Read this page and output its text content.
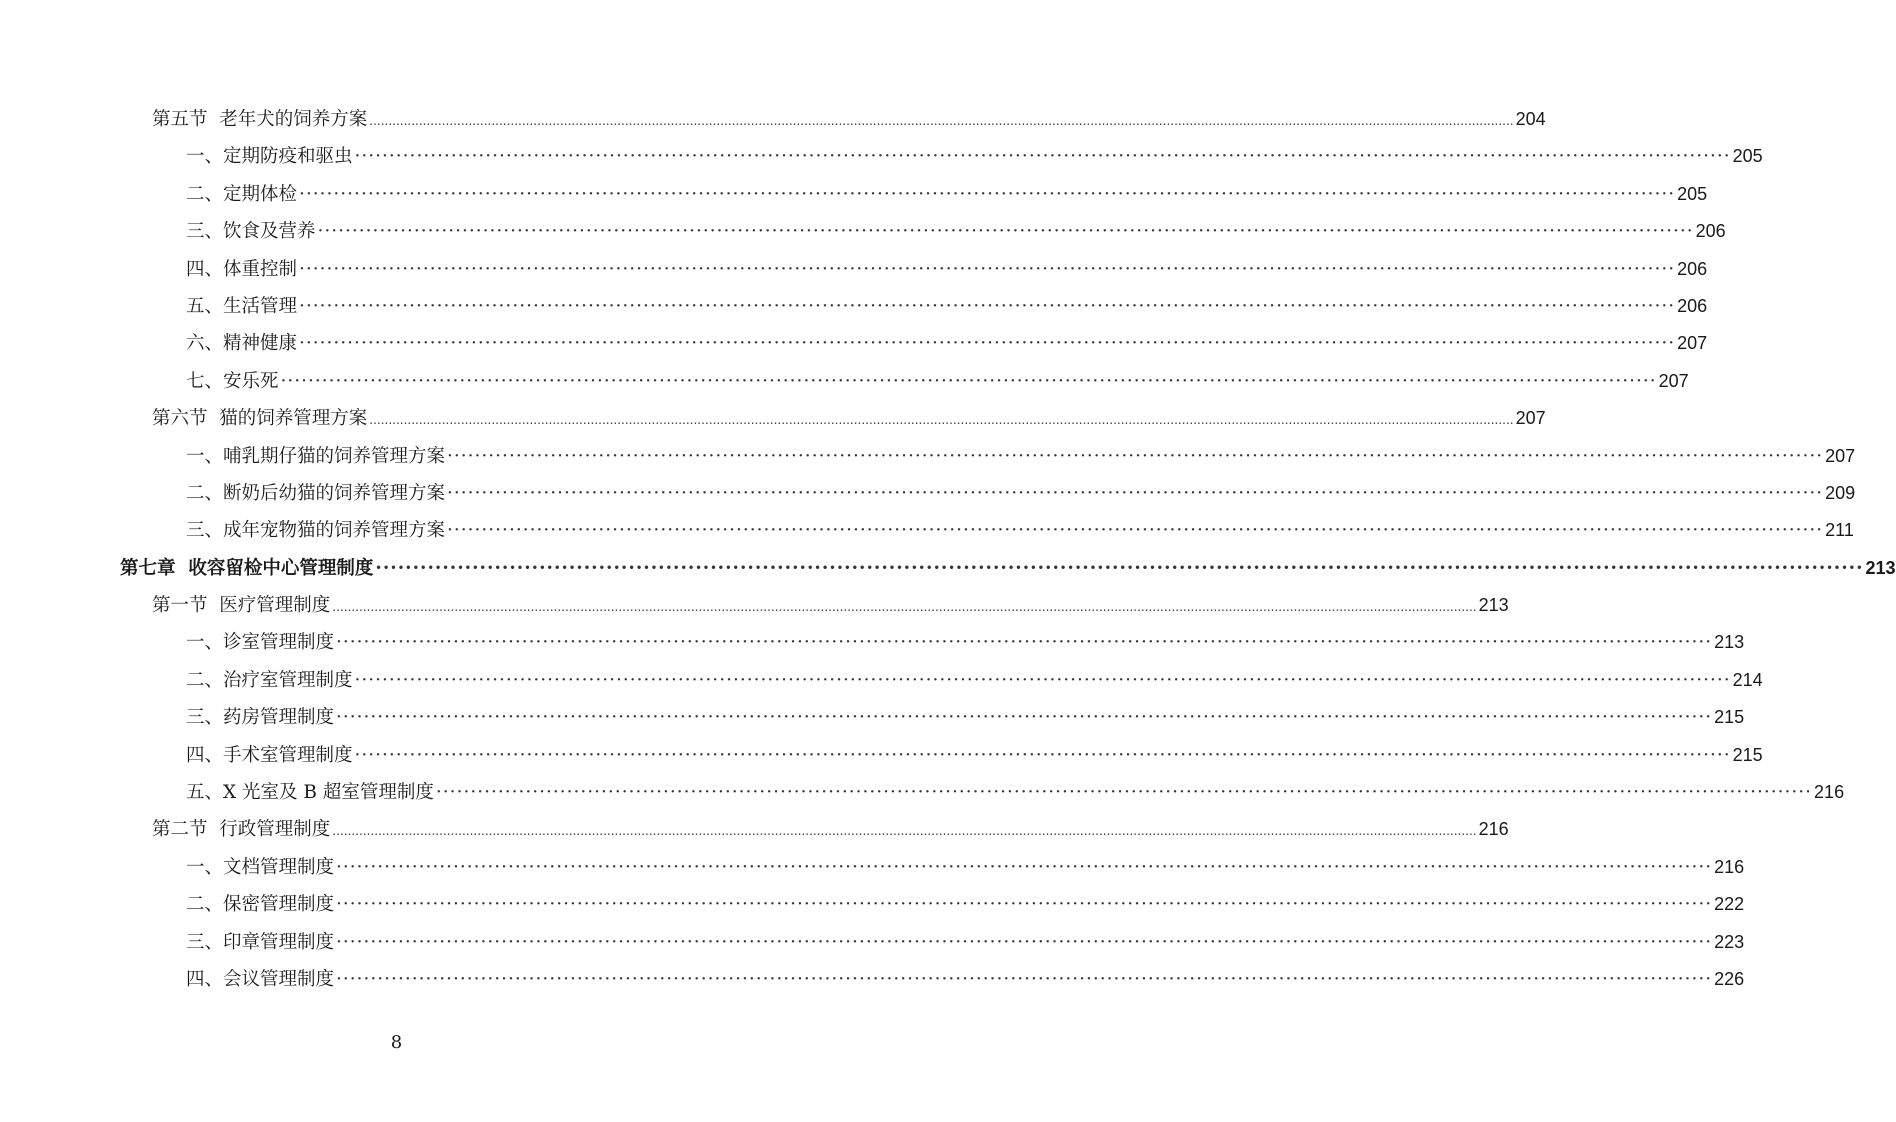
第五节  老年犬的饲养方案 ............................................................................................................................................................................................................................................................................................................ 204
一、定期防疫和驱虫 ········································································································································································································ 205
二、定期体检 ········································································································································································································ 205
三、饮食及营养 ········································································································································································································ 206
四、体重控制 ········································································································································································································ 206
五、生活管理 ········································································································································································································ 206
六、精神健康 ········································································································································································································ 207
七、安乐死 ········································································································································································································ 207
第六节  猫的饲养管理方案 ............................................................................................................................................................................................................................................................................................................ 207
一、哺乳期仔猫的饲养管理方案 ········································································································································································································ 207
二、断奶后幼猫的饲养管理方案 ········································································································································································································ 209
三、成年宠物猫的饲养管理方案 ········································································································································································································ 211
第七章  收容留检中心管理制度 ········································································································································································································ 213
第一节  医疗管理制度 ............................................................................................................................................................................................................................................................................................................ 213
一、诊室管理制度 ········································································································································································································ 213
二、治疗室管理制度 ········································································································································································································ 214
三、药房管理制度 ········································································································································································································ 215
四、手术室管理制度 ········································································································································································································ 215
五、X 光室及 B 超室管理制度 ········································································································································································································ 216
第二节  行政管理制度 ............................................................................................................................................................................................................................................................................................................ 216
一、文档管理制度 ········································································································································································································ 216
二、保密管理制度 ········································································································································································································ 222
三、印章管理制度 ········································································································································································································ 223
四、会议管理制度 ········································································································································································································ 226
8
